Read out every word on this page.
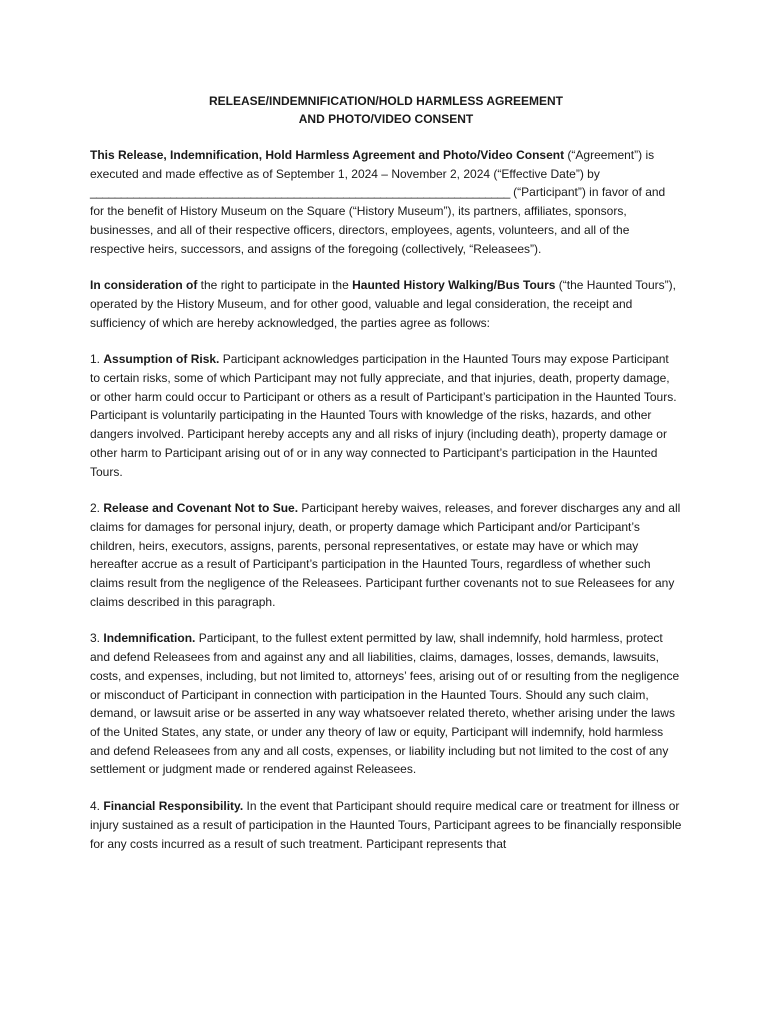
RELEASE/INDEMNIFICATION/HOLD HARMLESS AGREEMENT
AND PHOTO/VIDEO CONSENT

This Release, Indemnification, Hold Harmless Agreement and Photo/Video Consent (“Agreement”) is executed and made effective as of September 1, 2024 – November 2, 2024 (“Effective Date”) by ____________________________________________________________________ (“Participant”) in favor of and for the benefit of History Museum on the Square (“History Museum”), its partners, affiliates, sponsors, businesses, and all of their respective officers, directors, employees, agents, volunteers, and all of the respective heirs, successors, and assigns of the foregoing (collectively, “Releasees”).

In consideration of the right to participate in the Haunted History Walking/Bus Tours (“the Haunted Tours”), operated by the History Museum, and for other good, valuable and legal consideration, the receipt and sufficiency of which are hereby acknowledged, the parties agree as follows:

1. Assumption of Risk. Participant acknowledges participation in the Haunted Tours may expose Participant to certain risks, some of which Participant may not fully appreciate, and that injuries, death, property damage, or other harm could occur to Participant or others as a result of Participant’s participation in the Haunted Tours. Participant is voluntarily participating in the Haunted Tours with knowledge of the risks, hazards, and other dangers involved. Participant hereby accepts any and all risks of injury (including death), property damage or other harm to Participant arising out of or in any way connected to Participant’s participation in the Haunted Tours.

2. Release and Covenant Not to Sue. Participant hereby waives, releases, and forever discharges any and all claims for damages for personal injury, death, or property damage which Participant and/or Participant’s children, heirs, executors, assigns, parents, personal representatives, or estate may have or which may hereafter accrue as a result of Participant’s participation in the Haunted Tours, regardless of whether such claims result from the negligence of the Releasees. Participant further covenants not to sue Releasees for any claims described in this paragraph.

3. Indemnification. Participant, to the fullest extent permitted by law, shall indemnify, hold harmless, protect and defend Releasees from and against any and all liabilities, claims, damages, losses, demands, lawsuits, costs, and expenses, including, but not limited to, attorneys’ fees, arising out of or resulting from the negligence or misconduct of Participant in connection with participation in the Haunted Tours. Should any such claim, demand, or lawsuit arise or be asserted in any way whatsoever related thereto, whether arising under the laws of the United States, any state, or under any theory of law or equity, Participant will indemnify, hold harmless and defend Releasees from any and all costs, expenses, or liability including but not limited to the cost of any settlement or judgment made or rendered against Releasees.

4. Financial Responsibility. In the event that Participant should require medical care or treatment for illness or injury sustained as a result of participation in the Haunted Tours, Participant agrees to be financially responsible for any costs incurred as a result of such treatment. Participant represents that
